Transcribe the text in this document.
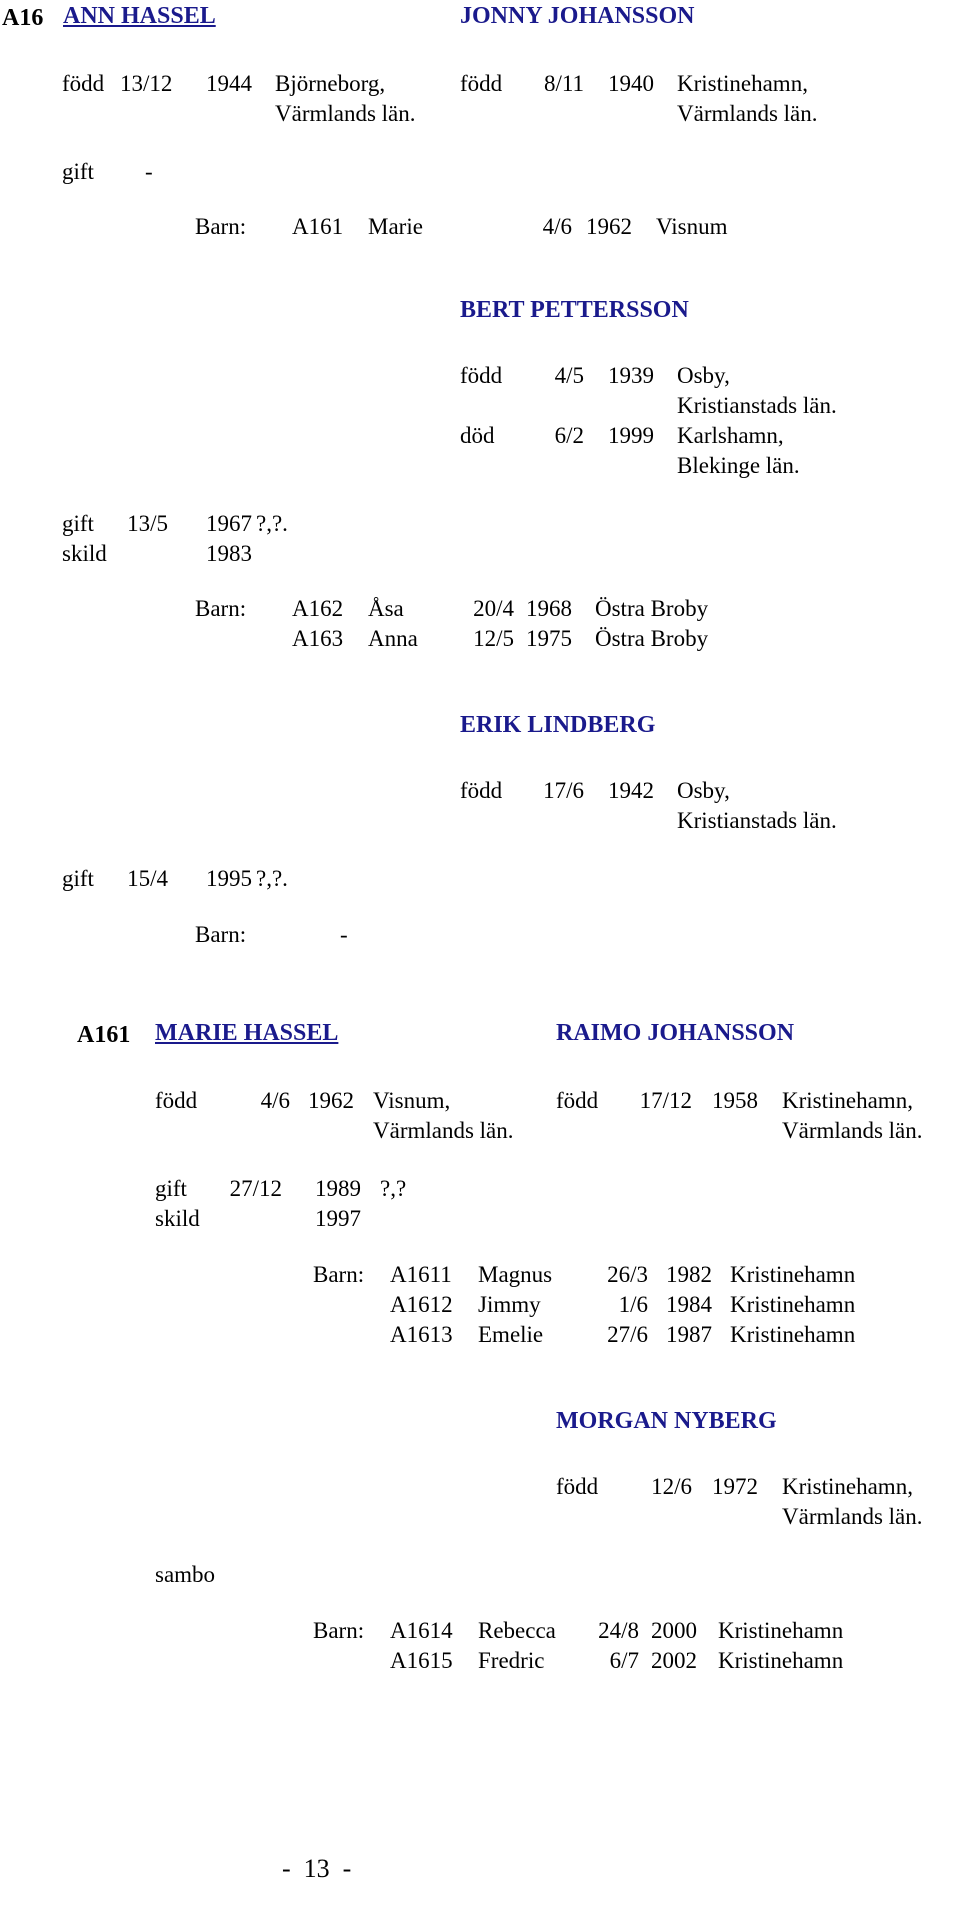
A16 ANN HASSEL	JONNY JOHANSSON
född 13/12 1944 Björneborg,
Värmlands län.
född	8/11 1940 Kristinehamn,
Värmlands län.
gift -
Barn: A161 Marie	4/6 1962 Visnum
BERT PETTERSSON
född	4/5 1939 Osby,
Kristianstads län.
död	6/2 1999 Karlshamn,
Blekinge län.
gift	13/5 1967 ?,?.
skild	1983
Barn: A162 Åsa	20/4 1968 Östra Broby
A163 Anna	12/5 1975 Östra Broby
ERIK LINDBERG
född	17/6 1942 Osby,
Kristianstads län.
gift	15/4 1995 ?,?.
Barn:	-
A161 MARIE HASSEL	RAIMO JOHANSSON
född	4/6 1962 Visnum,
Värmlands län.
född	17/12 1958 Kristinehamn,
Värmlands län.
gift	27/12 1989 ?,?
skild	1997
Barn: A1611 Magnus	26/3 1982 Kristinehamn
A1612 Jimmy	1/6 1984 Kristinehamn
A1613 Emelie	27/6 1987 Kristinehamn
MORGAN NYBERG
född	12/6 1972 Kristinehamn,
Värmlands län.
sambo
Barn: A1614 Rebecca	24/8 2000 Kristinehamn
A1615 Fredric	6/7 2002 Kristinehamn
-  13  -
